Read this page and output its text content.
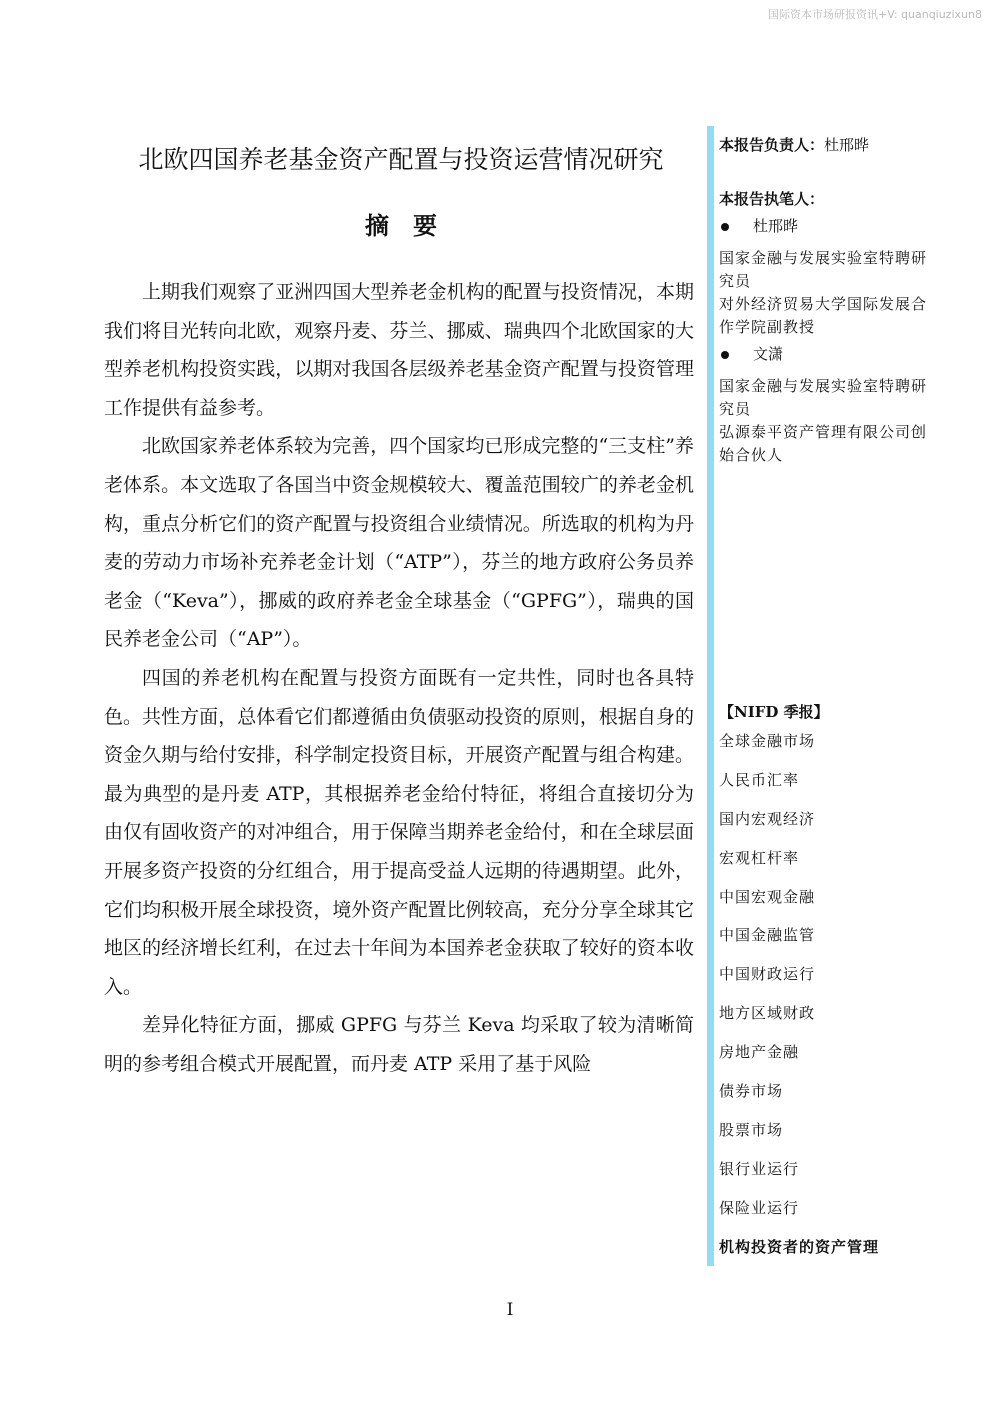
国际资本市场研报资讯+V: quanqiuzixun8
北欧四国养老基金资产配置与投资运营情况研究
摘要

上期我们观察了亚洲四国大型养老金机构的配置与投资情况，本期我们将目光转向北欧，观察丹麦、芬兰、挪威、瑞典四个北欧国家的大型养老机构投资实践，以期对我国各层级养老基金资产配置与投资管理工作提供有益参考。

北欧国家养老体系较为完善，四个国家均已形成完整的“三支柱”养老体系。本文选取了各国当中资金规模较大、覆盖范围较广的养老金机构，重点分析它们的资产配置与投资组合业绩情况。所选取的机构为丹麦的劳动力市场补充养老金计划（“ATP”），芬兰的地方政府公务员养老金（“Keva”），挪威的政府养老金全球基金（“GPFG”），瑞典的国民养老金公司（“AP”）。

四国的养老机构在配置与投资方面既有一定共性，同时也各具特色。共性方面，总体看它们都遵循由负债驱动投资的原则，根据自身的资金久期与给付安排，科学制定投资目标，开展资产配置与组合构建。最为典型的是丹麦 ATP，其根据养老金给付特征，将组合直接切分为由仅有固收资产的对冲组合，用于保障当期养老金给付，和在全球层面开展多资产投资的分红组合，用于提高受益人远期的待遇期望。此外，它们均积极开展全球投资，境外资产配置比例较高，充分分享全球其它地区的经济增长红利，在过去十年间为本国养老金获取了较好的资本收入。

差异化特征方面，挪威 GPFG 与芬兰 Keva 均采取了较为清晰简明的参考组合模式开展配置，而丹麦 ATP 采用了基于风险

本报告负责人：杜邢晔
本报告执笔人：
杜邢晔
国家金融与发展实验室特聘研究员
对外经济贸易大学国际发展合作学院副教授
文潇
国家金融与发展实验室特聘研究员
弘源泰平资产管理有限公司创始合伙人
【NIFD 季报】
全球金融市场
人民币汇率
国内宏观经济
宏观杠杆率
中国宏观金融
中国金融监管
中国财政运行
地方区域财政
房地产金融
债券市场
股票市场
银行业运行
保险业运行
机构投资者的资产管理
I
